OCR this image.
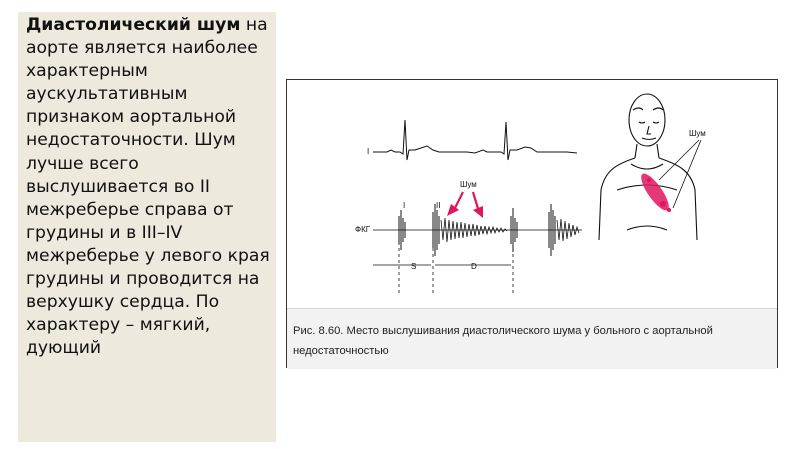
Диастолический шум на аорте является наиболее характерным аускультативным признаком аортальной недостаточности. Шум лучше всего выслушивается во II межреберье справа от грудины и в III–IV межреберье у левого края грудины и проводится на верхушку сердца. По характеру – мягкий, дующий

I
ФКГ
I	II
Шум
S	D
Шум

Рис. 8.60. Место выслушивания диастолического шума у больного с аортальной недостаточностью
